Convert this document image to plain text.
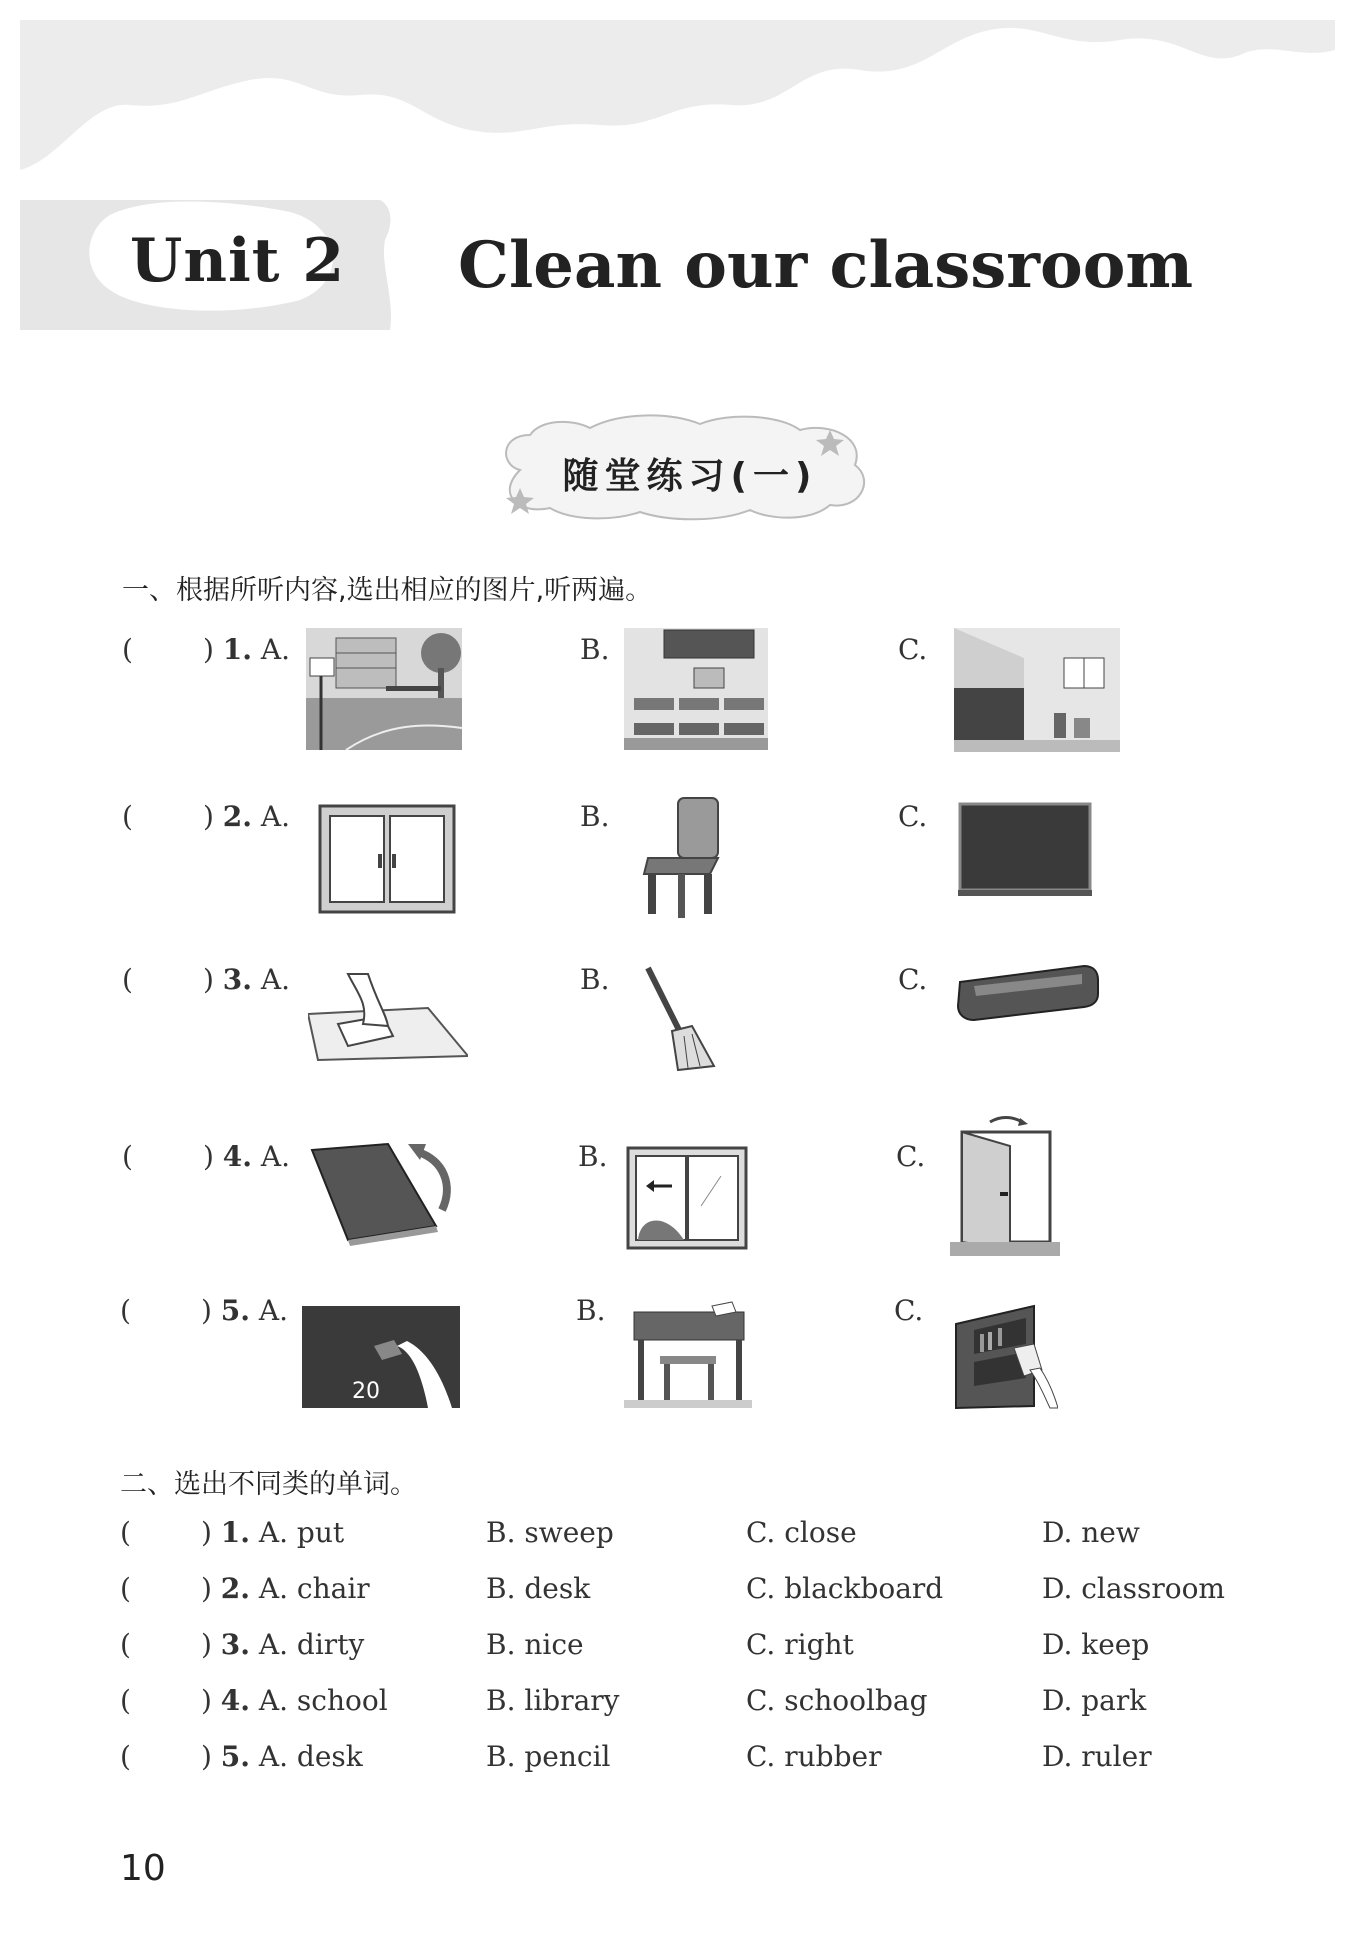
Unit 2 Clean our classroom
随堂练习(一)
一、根据所听内容,选出相应的图片,听两遍。
(	) 1. A.	B.	C.
(	) 2. A.	B.	C.
(	) 3. A.	B.	C.
(	) 4. A.	B.	C.
(	) 5. A.	B.	C.
20
二、选出不同类的单词。
(	) 1. A. put	B. sweep	C. close	D. new
(	) 2. A. chair	B. desk	C. blackboard	D. classroom
(	) 3. A. dirty	B. nice	C. right	D. keep
(	) 4. A. school	B. library	C. schoolbag	D. park
(	) 5. A. desk	B. pencil	C. rubber	D. ruler
10
